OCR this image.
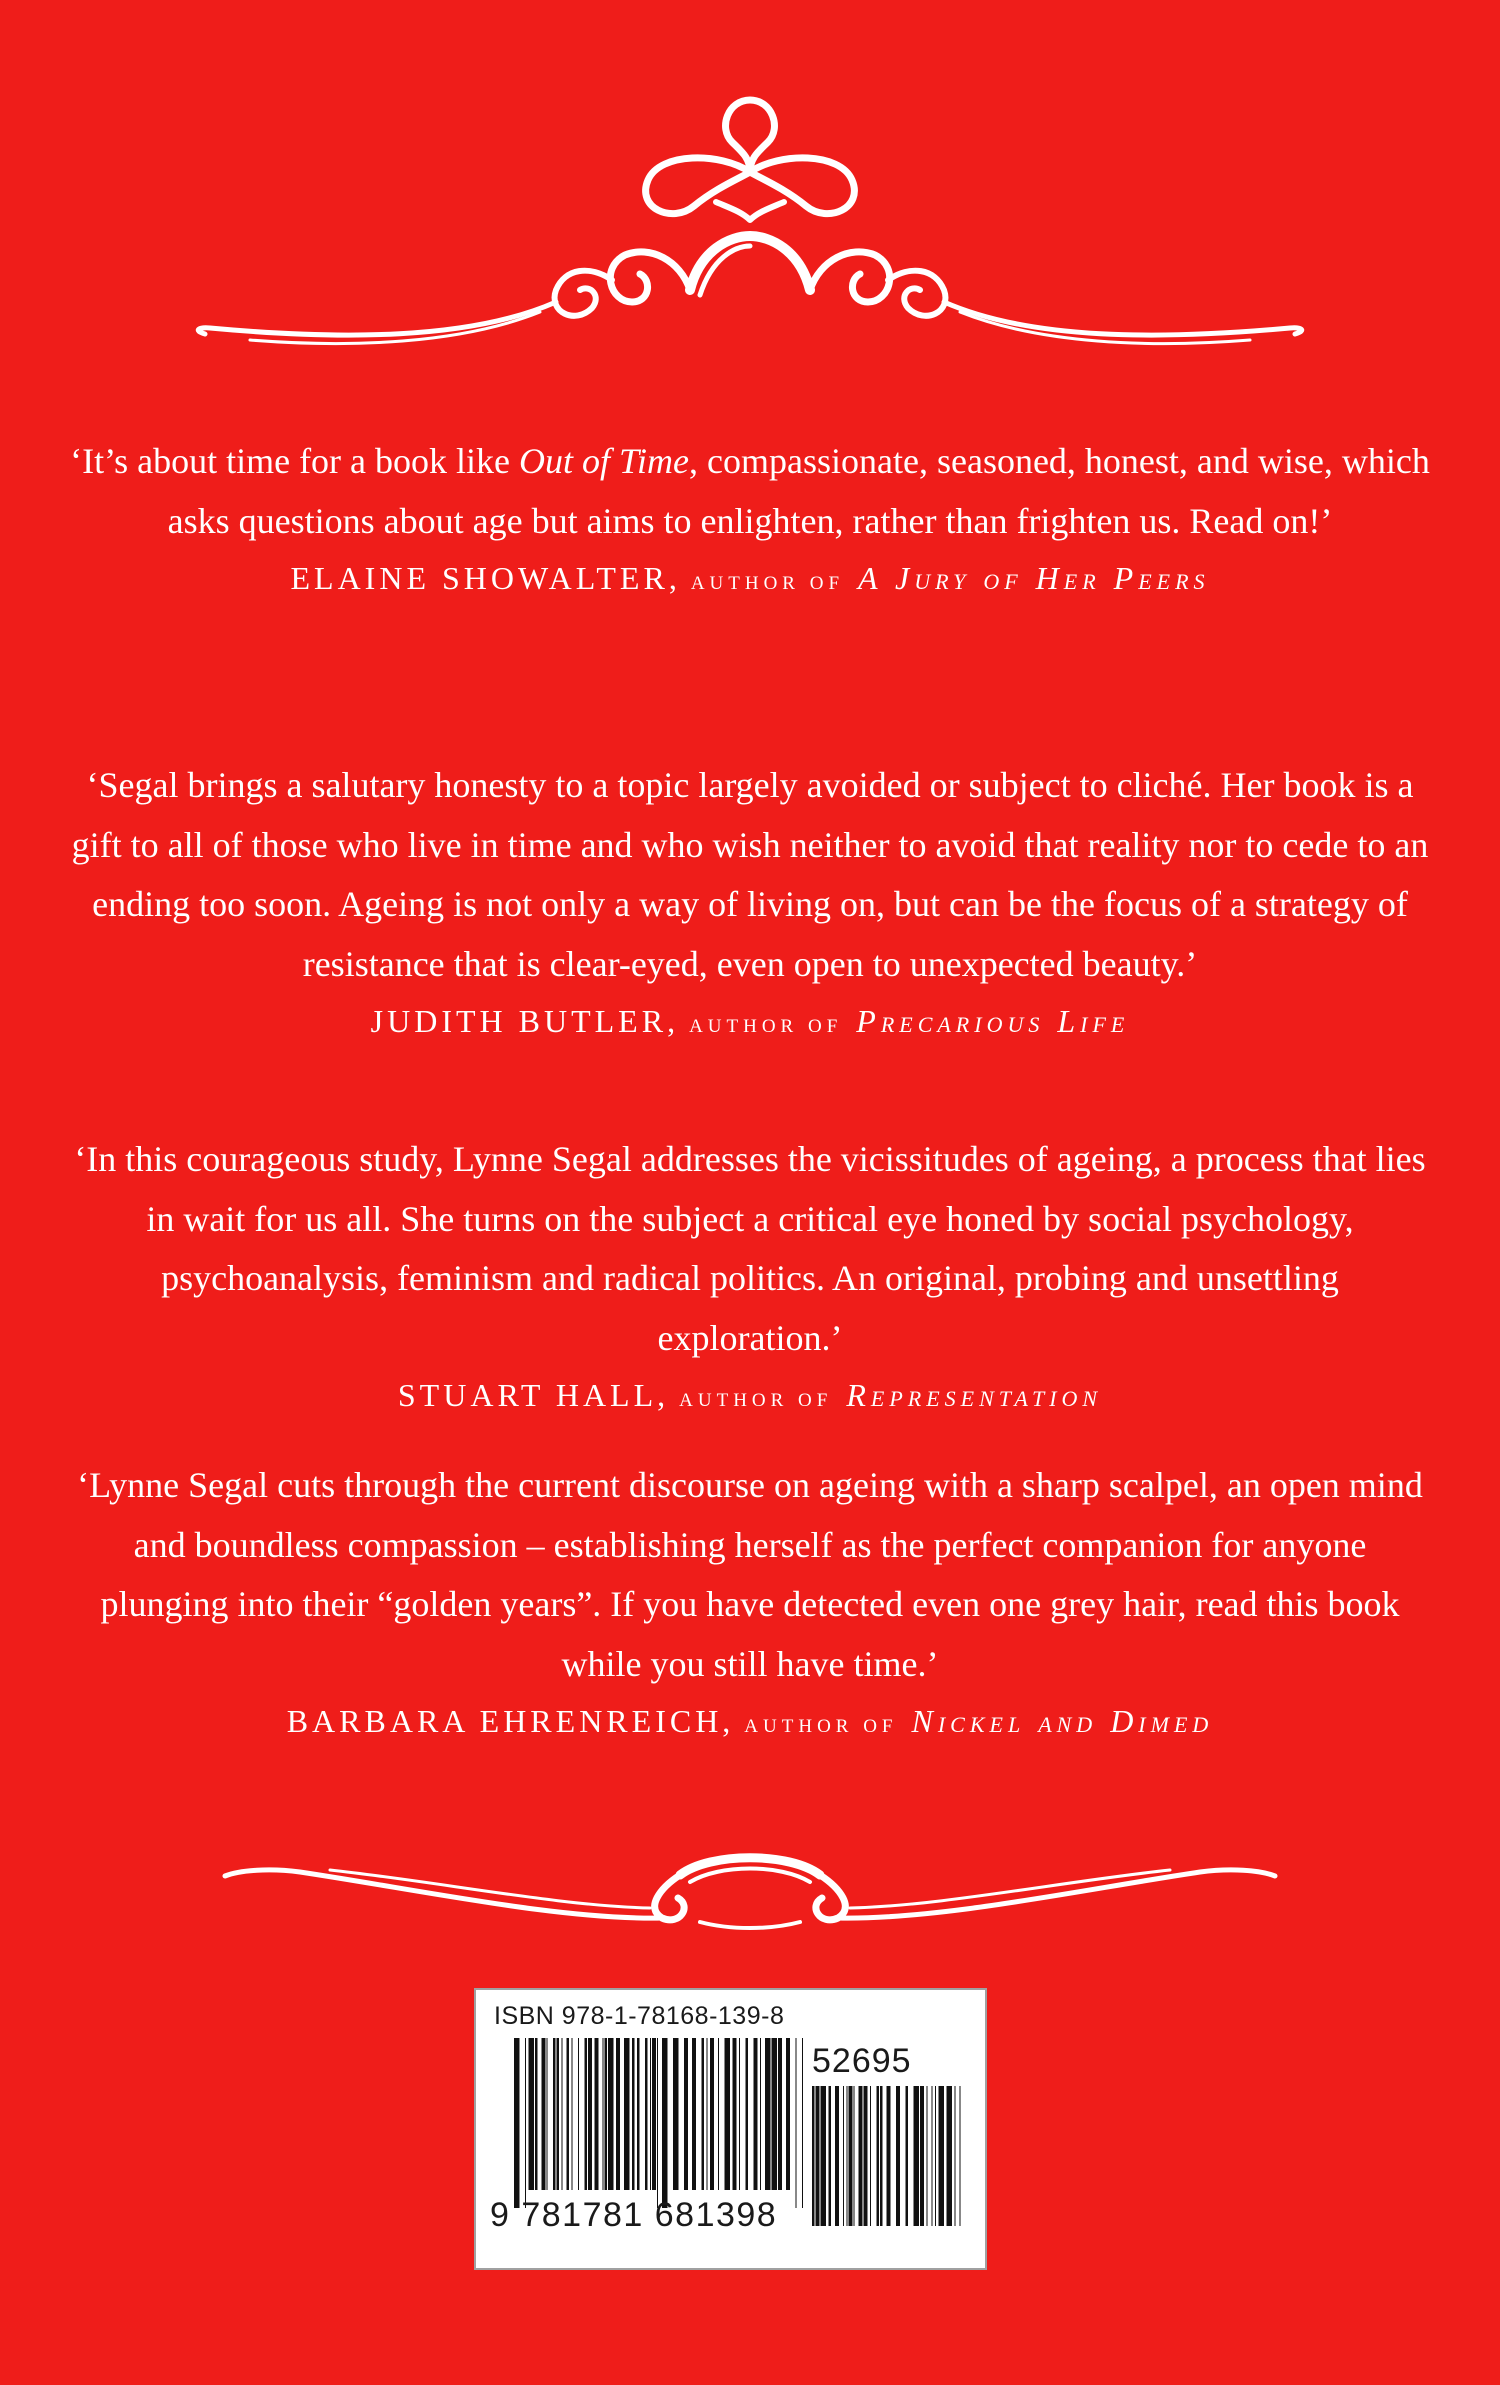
‘It’s about time for a book like Out of Time, compassionate, seasoned, honest, and wise, which asks questions about age but aims to enlighten, rather than frighten us. Read on!’

ELAINE SHOWALTER, AUTHOR OF A Jury of Her Peers

‘Segal brings a salutary honesty to a topic largely avoided or subject to cliché. Her book is a gift to all of those who live in time and who wish neither to avoid that reality nor to cede to an ending too soon. Ageing is not only a way of living on, but can be the focus of a strategy of resistance that is clear-eyed, even open to unexpected beauty.’

JUDITH BUTLER, AUTHOR OF Precarious Life

‘In this courageous study, Lynne Segal addresses the vicissitudes of ageing, a process that lies in wait for us all. She turns on the subject a critical eye honed by social psychology, psychoanalysis, feminism and radical politics. An original, probing and unsettling exploration.’

STUART HALL, AUTHOR OF Representation

‘Lynne Segal cuts through the current discourse on ageing with a sharp scalpel, an open mind and boundless compassion – establishing herself as the perfect companion for anyone plunging into their “golden years”. If you have detected even one grey hair, read this book while you still have time.’

BARBARA EHRENREICH, AUTHOR OF Nickel and Dimed

ISBN 978-1-78168-139-8
52695
9 781781 681398
